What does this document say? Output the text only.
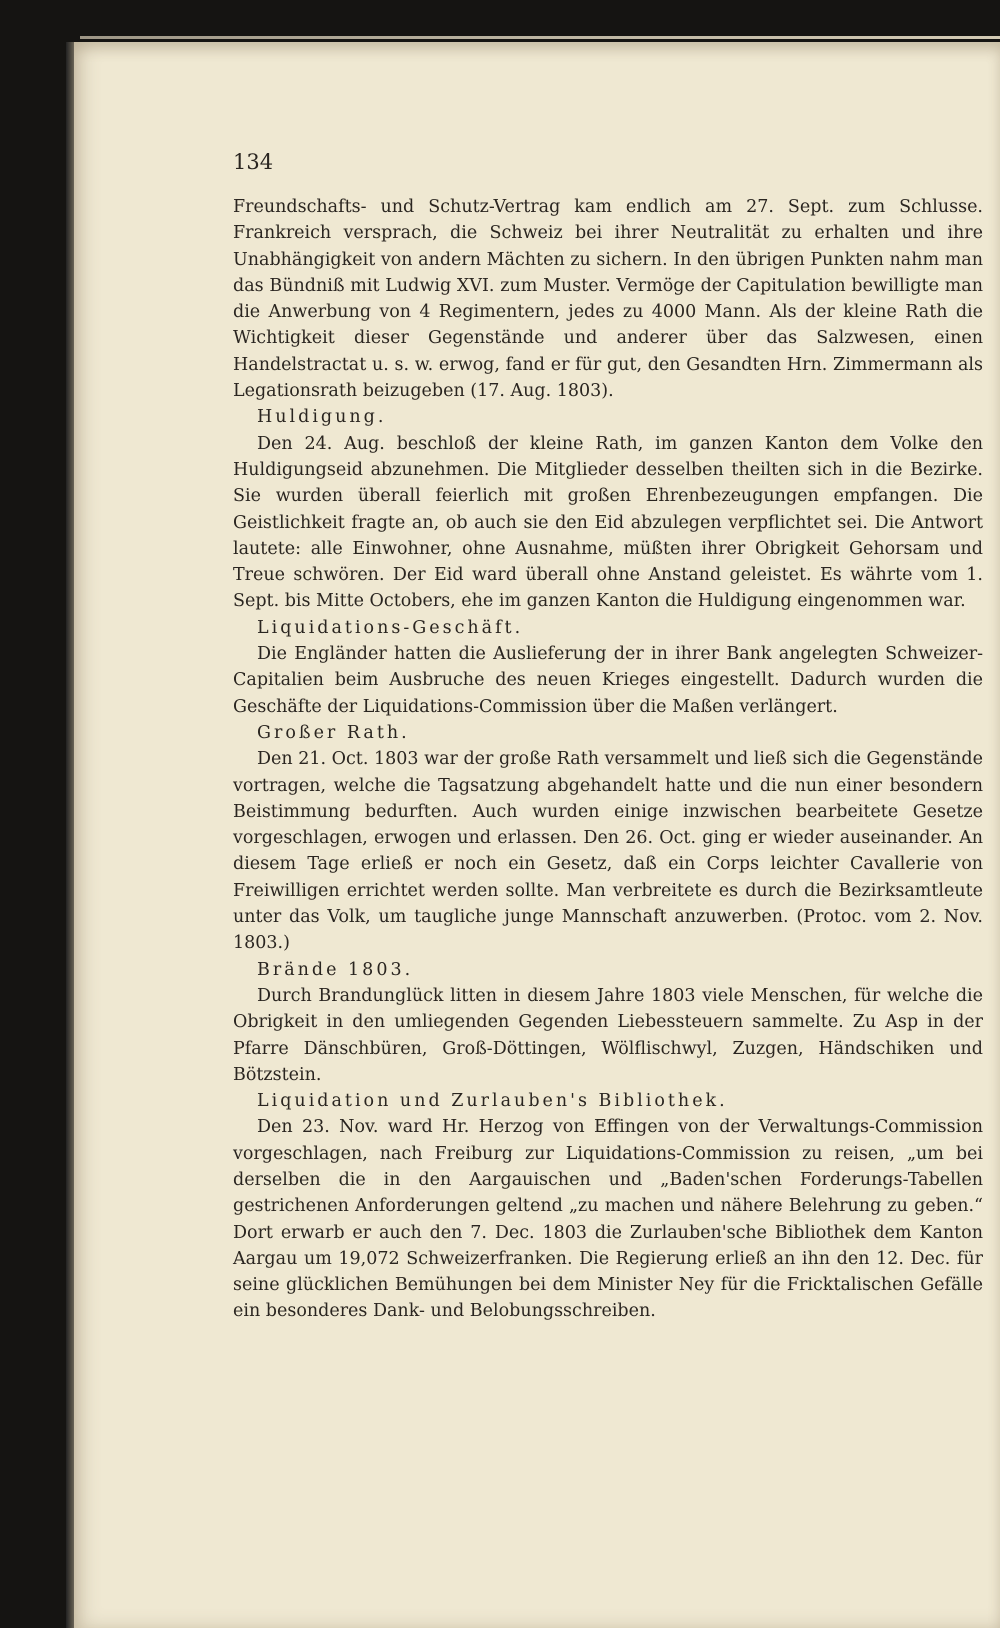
134

Freundschafts- und Schutz-Vertrag kam endlich am 27. Sept. zum Schlusse. Frankreich versprach, die Schweiz bei ihrer Neutralität zu erhalten und ihre Unabhängigkeit von andern Mächten zu sichern. In den übrigen Punkten nahm man das Bündniß mit Ludwig XVI. zum Muster. Vermöge der Capitulation bewilligte man die Anwerbung von 4 Regimentern, jedes zu 4000 Mann. Als der kleine Rath die Wichtigkeit dieser Gegenstände und anderer über das Salzwesen, einen Handelstractat u. s. w. erwog, fand er für gut, den Gesandten Hrn. Zimmermann als Legationsrath beizugeben (17. Aug. 1803).

Huldigung.

Den 24. Aug. beschloß der kleine Rath, im ganzen Kanton dem Volke den Huldigungseid abzunehmen. Die Mitglieder desselben theilten sich in die Bezirke. Sie wurden überall feierlich mit großen Ehrenbezeugungen empfangen. Die Geistlichkeit fragte an, ob auch sie den Eid abzulegen verpflichtet sei. Die Antwort lautete: alle Einwohner, ohne Ausnahme, müßten ihrer Obrigkeit Gehorsam und Treue schwören. Der Eid ward überall ohne Anstand geleistet. Es währte vom 1. Sept. bis Mitte Octobers, ehe im ganzen Kanton die Huldigung eingenommen war.

Liquidations-Geschäft.

Die Engländer hatten die Auslieferung der in ihrer Bank angelegten Schweizer-Capitalien beim Ausbruche des neuen Krieges eingestellt. Dadurch wurden die Geschäfte der Liquidations-Commission über die Maßen verlängert.

Großer Rath.

Den 21. Oct. 1803 war der große Rath versammelt und ließ sich die Gegenstände vortragen, welche die Tagsatzung abgehandelt hatte und die nun einer besondern Beistimmung bedurften. Auch wurden einige inzwischen bearbeitete Gesetze vorgeschlagen, erwogen und erlassen. Den 26. Oct. ging er wieder auseinander. An diesem Tage erließ er noch ein Gesetz, daß ein Corps leichter Cavallerie von Freiwilligen errichtet werden sollte. Man verbreitete es durch die Bezirksamtleute unter das Volk, um taugliche junge Mannschaft anzuwerben. (Protoc. vom 2. Nov. 1803.)

Brände 1803.

Durch Brandunglück litten in diesem Jahre 1803 viele Menschen, für welche die Obrigkeit in den umliegenden Gegenden Liebessteuern sammelte. Zu Asp in der Pfarre Dänschbüren, Groß-Döttingen, Wölflischwyl, Zuzgen, Händschiken und Bötzstein.

Liquidation und Zurlauben's Bibliothek.

Den 23. Nov. ward Hr. Herzog von Effingen von der Verwaltungs-Commission vorgeschlagen, nach Freiburg zur Liquidations-Commission zu reisen, „um bei derselben die in den Aargauischen und „Baden'schen Forderungs-Tabellen gestrichenen Anforderungen geltend „zu machen und nähere Belehrung zu geben.“ Dort erwarb er auch den 7. Dec. 1803 die Zurlauben'sche Bibliothek dem Kanton Aargau um 19,072 Schweizerfranken. Die Regierung erließ an ihn den 12. Dec. für seine glücklichen Bemühungen bei dem Minister Ney für die Fricktalischen Gefälle ein besonderes Dank- und Belobungsschreiben.
